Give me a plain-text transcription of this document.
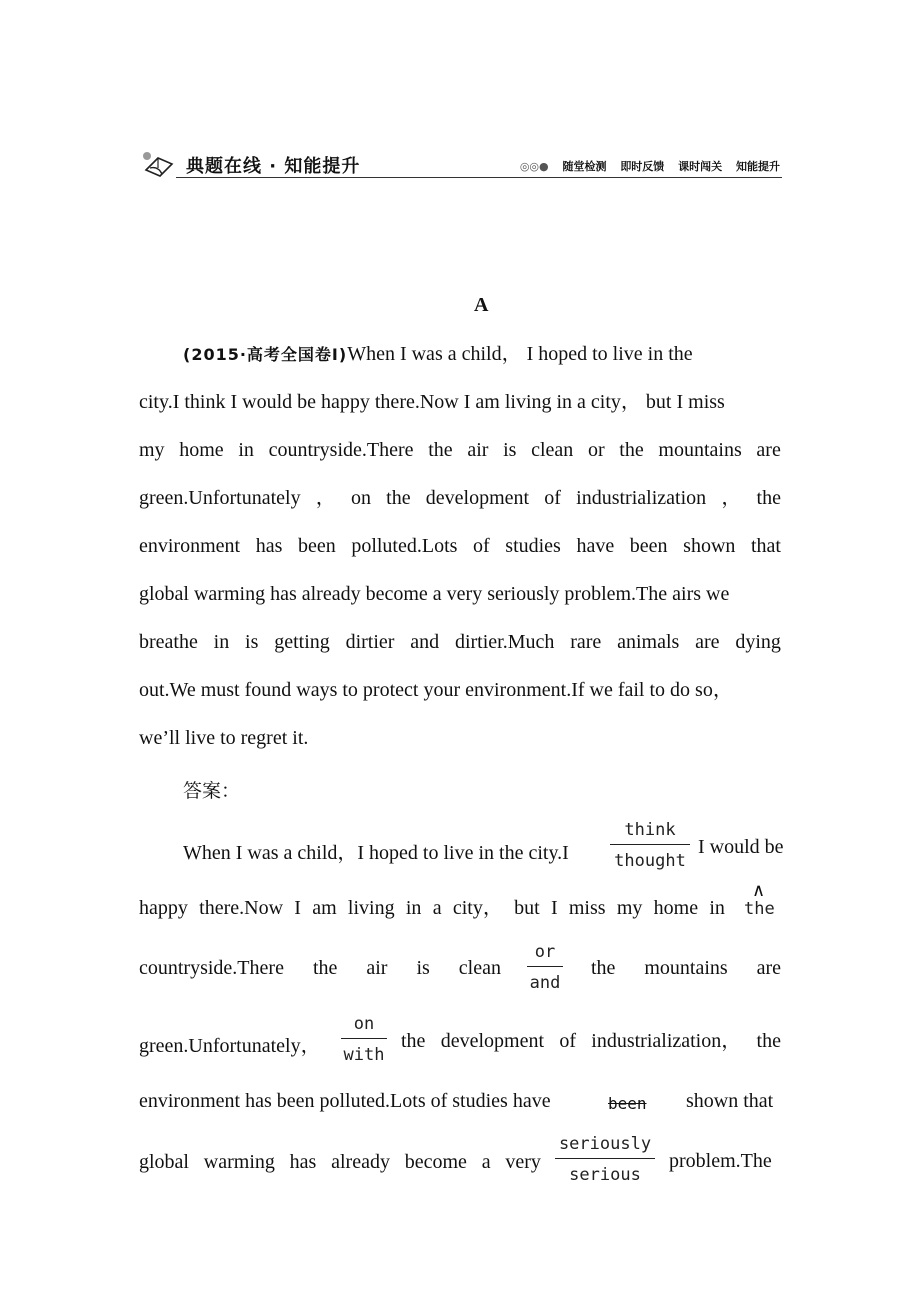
典题在线 · 知能提升	◎◎● 随堂检测 即时反馈 课时闯关 知能提升
A
(2015·高考全国卷Ⅰ)When I was a child， I hoped to live in the
city.I think I would be happy there.Now I am living in a city， but I miss
my home in countryside.There the air is clean or the mountains are
green.Unfortunately ， on the development of industrialization ， the
environment has been polluted.Lots of studies have been shown that
global warming has already become a very seriously problem.The airs we
breathe in is getting dirtier and dirtier.Much rare animals are dying
out.We must found ways to protect your environment.If we fail to do so，
we’ll live to regret it.
答案：
When I was a child，I hoped to live in the city.I
think
thought
I would be
happy there.Now I am living in a city， but I miss my home in
∧
the
countryside.There the air is clean
or
and
the mountains are
green.Unfortunately，
on
with
the development of industrialization， the
environment has been polluted.Lots of studies have	been shown that
global warming has already become a very
seriously
serious
problem.The
